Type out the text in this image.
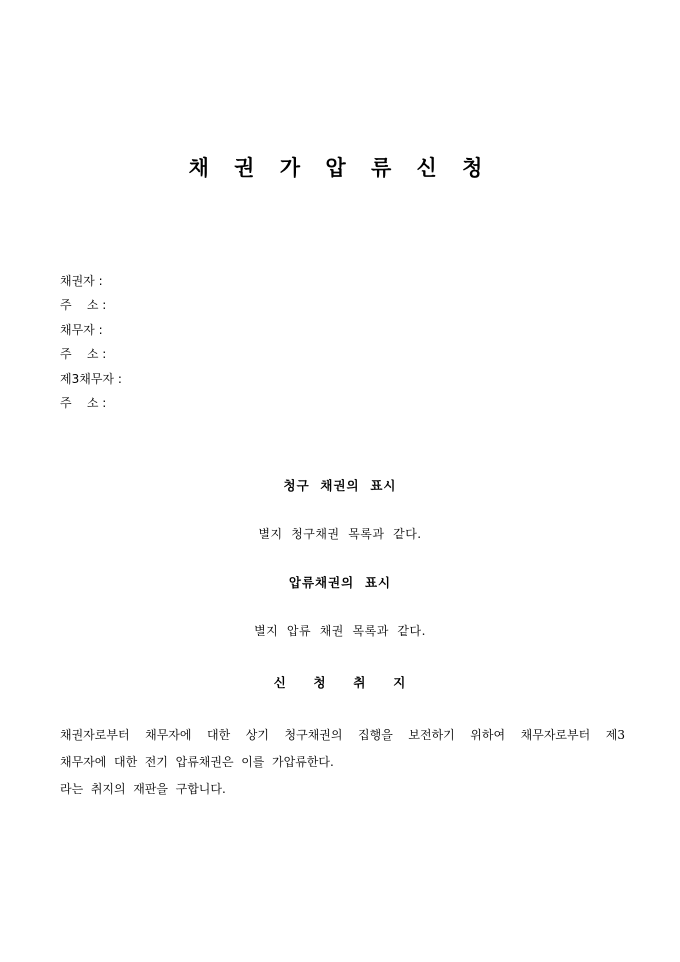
채 권 가 압 류 신 청
채권자 :
주    소 :
채무자 :
주    소 :
제3채무자 :
주    소 :
청구  채권의  표시
별지  청구채권  목록과  같다.
압류채권의  표시
별지  압류  채권  목록과  같다.
신     청     취     지
채권자로부터  채무자에  대한  상기  청구채권의  집행을  보전하기  위하여  채무자로부터  제3
채무자에  대한  전기  압류채권은  이를  가압류한다.
라는  취지의  재판을  구합니다.
